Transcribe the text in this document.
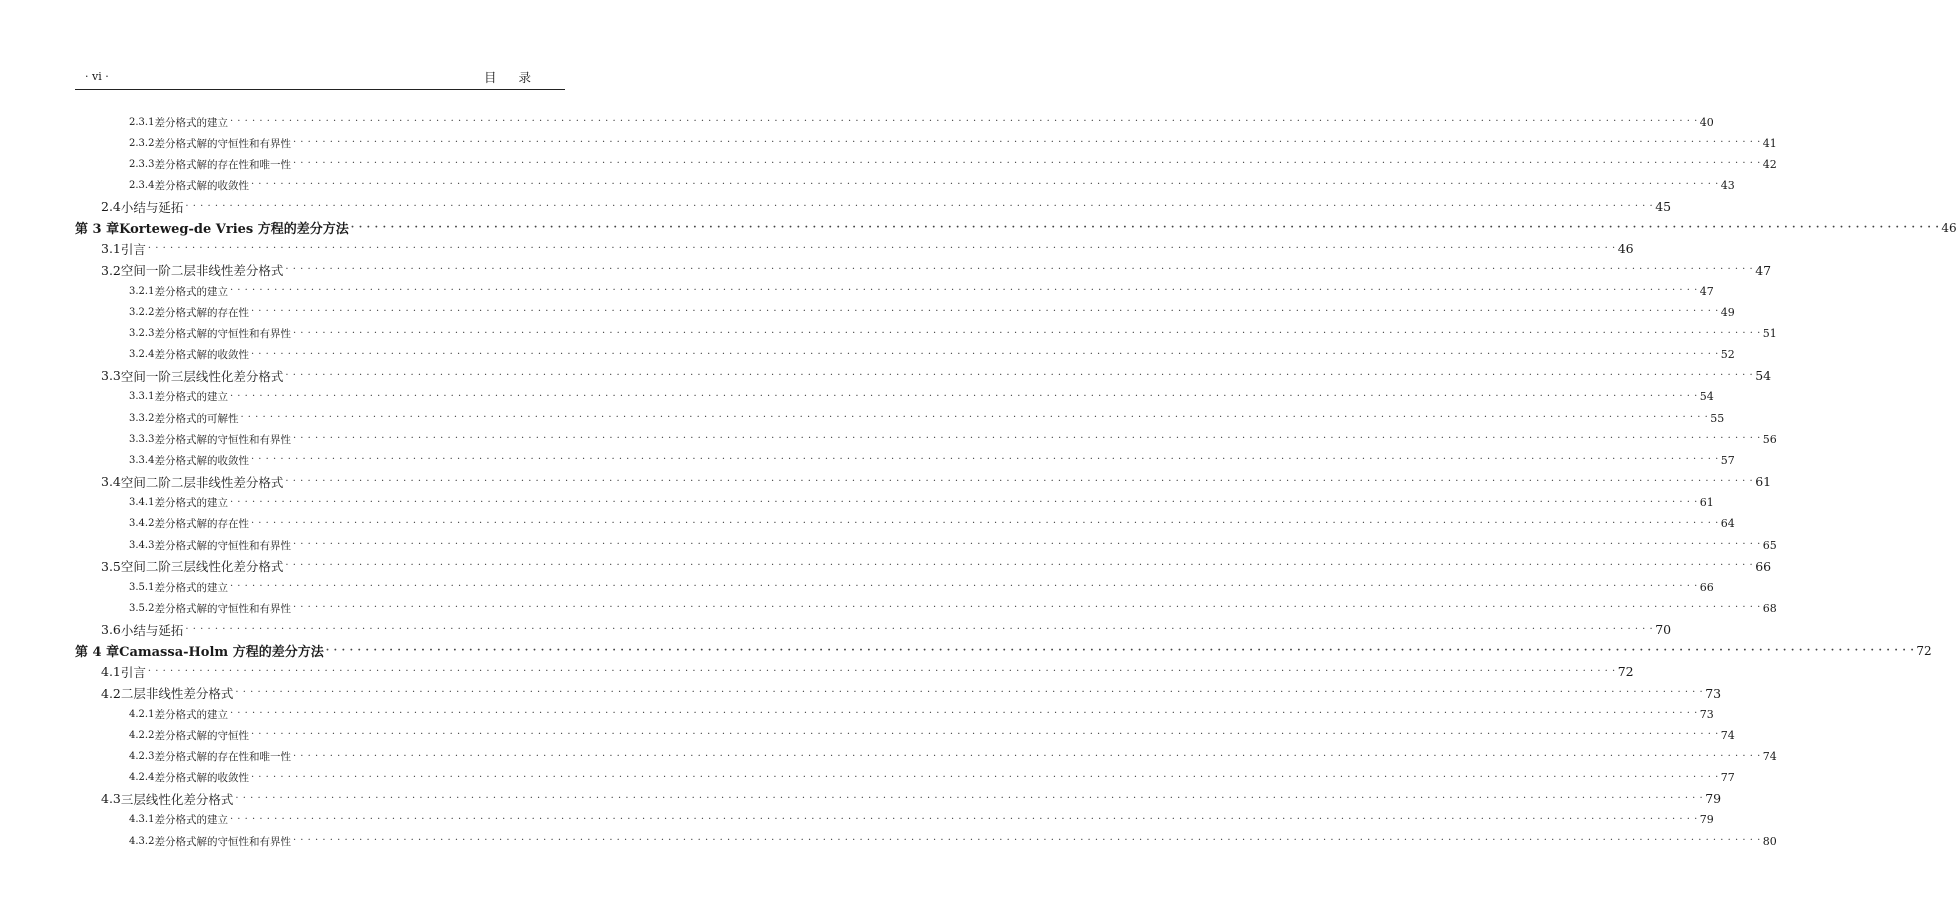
· vi ·	目录
2.3.1 差分格式的建立 · · · · · · · · · · · · · · · · · · · · · · · · · · · · · · · · · · · · · · · · · · · · · · · · · · · · · · · · · · · · · · · · · · · · · · · · · · · · · · · · · · · · · · · · · · · · · · · · · · · · · · · · · · · · · · · · · · · · · · · · · · · · · · · · · · · · · · · · · · · · · · · · · · · · · · · · · · · · · · · · · · · · · · · · · · · · · · · · · · · · · · · · · · · · · · · · · · · · · · · · 40
2.3.2 差分格式解的守恒性和有界性 · · · · · · · · · · · · · · · · · · · · · · · · · · · · · · · · · · · · · · · · · · · · · · · · · · · · · · · · · · · · · · · · · · · · · · · · · · · · · · · · · · · · · · · · · · · · · · · · · · · · · · · · · · · · · · · · · · · · · · · · · · · · · · · · · · · · · · · · · · · · · · · · · · · · · · · · · · · · · · · · · · · · · · · · · · · · · · · · · · · · · · · · · · · · · · · · · · · · · · · · 41
2.3.3 差分格式解的存在性和唯一性 · · · · · · · · · · · · · · · · · · · · · · · · · · · · · · · · · · · · · · · · · · · · · · · · · · · · · · · · · · · · · · · · · · · · · · · · · · · · · · · · · · · · · · · · · · · · · · · · · · · · · · · · · · · · · · · · · · · · · · · · · · · · · · · · · · · · · · · · · · · · · · · · · · · · · · · · · · · · · · · · · · · · · · · · · · · · · · · · · · · · · · · · · · · · · · · · · · · · · · · · 42
2.3.4 差分格式解的收敛性 · · · · · · · · · · · · · · · · · · · · · · · · · · · · · · · · · · · · · · · · · · · · · · · · · · · · · · · · · · · · · · · · · · · · · · · · · · · · · · · · · · · · · · · · · · · · · · · · · · · · · · · · · · · · · · · · · · · · · · · · · · · · · · · · · · · · · · · · · · · · · · · · · · · · · · · · · · · · · · · · · · · · · · · · · · · · · · · · · · · · · · · · · · · · · · · · · · · · · · · · 43
2.4 小结与延拓 · · · · · · · · · · · · · · · · · · · · · · · · · · · · · · · · · · · · · · · · · · · · · · · · · · · · · · · · · · · · · · · · · · · · · · · · · · · · · · · · · · · · · · · · · · · · · · · · · · · · · · · · · · · · · · · · · · · · · · · · · · · · · · · · · · · · · · · · · · · · · · · · · · · · · · · · · · · · · · · · · · · · · · · · · · · · · · · · · · · · · · · · · · · · · · · · · · · · · · · · 45
第 3 章 Korteweg-de Vries 方程的差分方法 · · · · · · · · · · · · · · · · · · · · · · · · · · · · · · · · · · · · · · · · · · · · · · · · · · · · · · · · · · · · · · · · · · · · · · · · · · · · · · · · · · · · · · · · · · · · · · · · · · · · · · · · · · · · · · · · · · · · · · · · · · · · · · · · · · · · · · · · · · · · · · · · · · · · · · · · · · · · · · · · · · · · · · · · · · · · · · · · · · · · · · · · · · · · · · · · · · · · · · · · 46
3.1 引言 · · · · · · · · · · · · · · · · · · · · · · · · · · · · · · · · · · · · · · · · · · · · · · · · · · · · · · · · · · · · · · · · · · · · · · · · · · · · · · · · · · · · · · · · · · · · · · · · · · · · · · · · · · · · · · · · · · · · · · · · · · · · · · · · · · · · · · · · · · · · · · · · · · · · · · · · · · · · · · · · · · · · · · · · · · · · · · · · · · · · · · · · · · · · · · · · · · · · · · · · 46
3.2 空间一阶二层非线性差分格式 · · · · · · · · · · · · · · · · · · · · · · · · · · · · · · · · · · · · · · · · · · · · · · · · · · · · · · · · · · · · · · · · · · · · · · · · · · · · · · · · · · · · · · · · · · · · · · · · · · · · · · · · · · · · · · · · · · · · · · · · · · · · · · · · · · · · · · · · · · · · · · · · · · · · · · · · · · · · · · · · · · · · · · · · · · · · · · · · · · · · · · · · · · · · · · · · · · · · · · · · 47
3.2.1 差分格式的建立 · · · · · · · · · · · · · · · · · · · · · · · · · · · · · · · · · · · · · · · · · · · · · · · · · · · · · · · · · · · · · · · · · · · · · · · · · · · · · · · · · · · · · · · · · · · · · · · · · · · · · · · · · · · · · · · · · · · · · · · · · · · · · · · · · · · · · · · · · · · · · · · · · · · · · · · · · · · · · · · · · · · · · · · · · · · · · · · · · · · · · · · · · · · · · · · · · · · · · · · · 47
3.2.2 差分格式解的存在性 · · · · · · · · · · · · · · · · · · · · · · · · · · · · · · · · · · · · · · · · · · · · · · · · · · · · · · · · · · · · · · · · · · · · · · · · · · · · · · · · · · · · · · · · · · · · · · · · · · · · · · · · · · · · · · · · · · · · · · · · · · · · · · · · · · · · · · · · · · · · · · · · · · · · · · · · · · · · · · · · · · · · · · · · · · · · · · · · · · · · · · · · · · · · · · · · · · · · · · · · 49
3.2.3 差分格式解的守恒性和有界性 · · · · · · · · · · · · · · · · · · · · · · · · · · · · · · · · · · · · · · · · · · · · · · · · · · · · · · · · · · · · · · · · · · · · · · · · · · · · · · · · · · · · · · · · · · · · · · · · · · · · · · · · · · · · · · · · · · · · · · · · · · · · · · · · · · · · · · · · · · · · · · · · · · · · · · · · · · · · · · · · · · · · · · · · · · · · · · · · · · · · · · · · · · · · · · · · · · · · · · · · 51
3.2.4 差分格式解的收敛性 · · · · · · · · · · · · · · · · · · · · · · · · · · · · · · · · · · · · · · · · · · · · · · · · · · · · · · · · · · · · · · · · · · · · · · · · · · · · · · · · · · · · · · · · · · · · · · · · · · · · · · · · · · · · · · · · · · · · · · · · · · · · · · · · · · · · · · · · · · · · · · · · · · · · · · · · · · · · · · · · · · · · · · · · · · · · · · · · · · · · · · · · · · · · · · · · · · · · · · · · 52
3.3 空间一阶三层线性化差分格式 · · · · · · · · · · · · · · · · · · · · · · · · · · · · · · · · · · · · · · · · · · · · · · · · · · · · · · · · · · · · · · · · · · · · · · · · · · · · · · · · · · · · · · · · · · · · · · · · · · · · · · · · · · · · · · · · · · · · · · · · · · · · · · · · · · · · · · · · · · · · · · · · · · · · · · · · · · · · · · · · · · · · · · · · · · · · · · · · · · · · · · · · · · · · · · · · · · · · · · · · 54
3.3.1 差分格式的建立 · · · · · · · · · · · · · · · · · · · · · · · · · · · · · · · · · · · · · · · · · · · · · · · · · · · · · · · · · · · · · · · · · · · · · · · · · · · · · · · · · · · · · · · · · · · · · · · · · · · · · · · · · · · · · · · · · · · · · · · · · · · · · · · · · · · · · · · · · · · · · · · · · · · · · · · · · · · · · · · · · · · · · · · · · · · · · · · · · · · · · · · · · · · · · · · · · · · · · · · · 54
3.3.2 差分格式的可解性 · · · · · · · · · · · · · · · · · · · · · · · · · · · · · · · · · · · · · · · · · · · · · · · · · · · · · · · · · · · · · · · · · · · · · · · · · · · · · · · · · · · · · · · · · · · · · · · · · · · · · · · · · · · · · · · · · · · · · · · · · · · · · · · · · · · · · · · · · · · · · · · · · · · · · · · · · · · · · · · · · · · · · · · · · · · · · · · · · · · · · · · · · · · · · · · · · · · · · · · · 55
3.3.3 差分格式解的守恒性和有界性 · · · · · · · · · · · · · · · · · · · · · · · · · · · · · · · · · · · · · · · · · · · · · · · · · · · · · · · · · · · · · · · · · · · · · · · · · · · · · · · · · · · · · · · · · · · · · · · · · · · · · · · · · · · · · · · · · · · · · · · · · · · · · · · · · · · · · · · · · · · · · · · · · · · · · · · · · · · · · · · · · · · · · · · · · · · · · · · · · · · · · · · · · · · · · · · · · · · · · · · · 56
3.3.4 差分格式解的收敛性 · · · · · · · · · · · · · · · · · · · · · · · · · · · · · · · · · · · · · · · · · · · · · · · · · · · · · · · · · · · · · · · · · · · · · · · · · · · · · · · · · · · · · · · · · · · · · · · · · · · · · · · · · · · · · · · · · · · · · · · · · · · · · · · · · · · · · · · · · · · · · · · · · · · · · · · · · · · · · · · · · · · · · · · · · · · · · · · · · · · · · · · · · · · · · · · · · · · · · · · · 57
3.4 空间二阶二层非线性差分格式 · · · · · · · · · · · · · · · · · · · · · · · · · · · · · · · · · · · · · · · · · · · · · · · · · · · · · · · · · · · · · · · · · · · · · · · · · · · · · · · · · · · · · · · · · · · · · · · · · · · · · · · · · · · · · · · · · · · · · · · · · · · · · · · · · · · · · · · · · · · · · · · · · · · · · · · · · · · · · · · · · · · · · · · · · · · · · · · · · · · · · · · · · · · · · · · · · · · · · · · · 61
3.4.1 差分格式的建立 · · · · · · · · · · · · · · · · · · · · · · · · · · · · · · · · · · · · · · · · · · · · · · · · · · · · · · · · · · · · · · · · · · · · · · · · · · · · · · · · · · · · · · · · · · · · · · · · · · · · · · · · · · · · · · · · · · · · · · · · · · · · · · · · · · · · · · · · · · · · · · · · · · · · · · · · · · · · · · · · · · · · · · · · · · · · · · · · · · · · · · · · · · · · · · · · · · · · · · · · 61
3.4.2 差分格式解的存在性 · · · · · · · · · · · · · · · · · · · · · · · · · · · · · · · · · · · · · · · · · · · · · · · · · · · · · · · · · · · · · · · · · · · · · · · · · · · · · · · · · · · · · · · · · · · · · · · · · · · · · · · · · · · · · · · · · · · · · · · · · · · · · · · · · · · · · · · · · · · · · · · · · · · · · · · · · · · · · · · · · · · · · · · · · · · · · · · · · · · · · · · · · · · · · · · · · · · · · · · · 64
3.4.3 差分格式解的守恒性和有界性 · · · · · · · · · · · · · · · · · · · · · · · · · · · · · · · · · · · · · · · · · · · · · · · · · · · · · · · · · · · · · · · · · · · · · · · · · · · · · · · · · · · · · · · · · · · · · · · · · · · · · · · · · · · · · · · · · · · · · · · · · · · · · · · · · · · · · · · · · · · · · · · · · · · · · · · · · · · · · · · · · · · · · · · · · · · · · · · · · · · · · · · · · · · · · · · · · · · · · · · · 65
3.5 空间二阶三层线性化差分格式 · · · · · · · · · · · · · · · · · · · · · · · · · · · · · · · · · · · · · · · · · · · · · · · · · · · · · · · · · · · · · · · · · · · · · · · · · · · · · · · · · · · · · · · · · · · · · · · · · · · · · · · · · · · · · · · · · · · · · · · · · · · · · · · · · · · · · · · · · · · · · · · · · · · · · · · · · · · · · · · · · · · · · · · · · · · · · · · · · · · · · · · · · · · · · · · · · · · · · · · · 66
3.5.1 差分格式的建立 · · · · · · · · · · · · · · · · · · · · · · · · · · · · · · · · · · · · · · · · · · · · · · · · · · · · · · · · · · · · · · · · · · · · · · · · · · · · · · · · · · · · · · · · · · · · · · · · · · · · · · · · · · · · · · · · · · · · · · · · · · · · · · · · · · · · · · · · · · · · · · · · · · · · · · · · · · · · · · · · · · · · · · · · · · · · · · · · · · · · · · · · · · · · · · · · · · · · · · · · 66
3.5.2 差分格式解的守恒性和有界性 · · · · · · · · · · · · · · · · · · · · · · · · · · · · · · · · · · · · · · · · · · · · · · · · · · · · · · · · · · · · · · · · · · · · · · · · · · · · · · · · · · · · · · · · · · · · · · · · · · · · · · · · · · · · · · · · · · · · · · · · · · · · · · · · · · · · · · · · · · · · · · · · · · · · · · · · · · · · · · · · · · · · · · · · · · · · · · · · · · · · · · · · · · · · · · · · · · · · · · · · 68
3.6 小结与延拓 · · · · · · · · · · · · · · · · · · · · · · · · · · · · · · · · · · · · · · · · · · · · · · · · · · · · · · · · · · · · · · · · · · · · · · · · · · · · · · · · · · · · · · · · · · · · · · · · · · · · · · · · · · · · · · · · · · · · · · · · · · · · · · · · · · · · · · · · · · · · · · · · · · · · · · · · · · · · · · · · · · · · · · · · · · · · · · · · · · · · · · · · · · · · · · · · · · · · · · · · 70
第 4 章 Camassa-Holm 方程的差分方法 · · · · · · · · · · · · · · · · · · · · · · · · · · · · · · · · · · · · · · · · · · · · · · · · · · · · · · · · · · · · · · · · · · · · · · · · · · · · · · · · · · · · · · · · · · · · · · · · · · · · · · · · · · · · · · · · · · · · · · · · · · · · · · · · · · · · · · · · · · · · · · · · · · · · · · · · · · · · · · · · · · · · · · · · · · · · · · · · · · · · · · · · · · · · · · · · · · · · · · · · 72
4.1 引言 · · · · · · · · · · · · · · · · · · · · · · · · · · · · · · · · · · · · · · · · · · · · · · · · · · · · · · · · · · · · · · · · · · · · · · · · · · · · · · · · · · · · · · · · · · · · · · · · · · · · · · · · · · · · · · · · · · · · · · · · · · · · · · · · · · · · · · · · · · · · · · · · · · · · · · · · · · · · · · · · · · · · · · · · · · · · · · · · · · · · · · · · · · · · · · · · · · · · · · · · 72
4.2 二层非线性差分格式 · · · · · · · · · · · · · · · · · · · · · · · · · · · · · · · · · · · · · · · · · · · · · · · · · · · · · · · · · · · · · · · · · · · · · · · · · · · · · · · · · · · · · · · · · · · · · · · · · · · · · · · · · · · · · · · · · · · · · · · · · · · · · · · · · · · · · · · · · · · · · · · · · · · · · · · · · · · · · · · · · · · · · · · · · · · · · · · · · · · · · · · · · · · · · · · · · · · · · · · · 73
4.2.1 差分格式的建立 · · · · · · · · · · · · · · · · · · · · · · · · · · · · · · · · · · · · · · · · · · · · · · · · · · · · · · · · · · · · · · · · · · · · · · · · · · · · · · · · · · · · · · · · · · · · · · · · · · · · · · · · · · · · · · · · · · · · · · · · · · · · · · · · · · · · · · · · · · · · · · · · · · · · · · · · · · · · · · · · · · · · · · · · · · · · · · · · · · · · · · · · · · · · · · · · · · · · · · · · 73
4.2.2 差分格式解的守恒性 · · · · · · · · · · · · · · · · · · · · · · · · · · · · · · · · · · · · · · · · · · · · · · · · · · · · · · · · · · · · · · · · · · · · · · · · · · · · · · · · · · · · · · · · · · · · · · · · · · · · · · · · · · · · · · · · · · · · · · · · · · · · · · · · · · · · · · · · · · · · · · · · · · · · · · · · · · · · · · · · · · · · · · · · · · · · · · · · · · · · · · · · · · · · · · · · · · · · · · · · 74
4.2.3 差分格式解的存在性和唯一性 · · · · · · · · · · · · · · · · · · · · · · · · · · · · · · · · · · · · · · · · · · · · · · · · · · · · · · · · · · · · · · · · · · · · · · · · · · · · · · · · · · · · · · · · · · · · · · · · · · · · · · · · · · · · · · · · · · · · · · · · · · · · · · · · · · · · · · · · · · · · · · · · · · · · · · · · · · · · · · · · · · · · · · · · · · · · · · · · · · · · · · · · · · · · · · · · · · · · · · · · 74
4.2.4 差分格式解的收敛性 · · · · · · · · · · · · · · · · · · · · · · · · · · · · · · · · · · · · · · · · · · · · · · · · · · · · · · · · · · · · · · · · · · · · · · · · · · · · · · · · · · · · · · · · · · · · · · · · · · · · · · · · · · · · · · · · · · · · · · · · · · · · · · · · · · · · · · · · · · · · · · · · · · · · · · · · · · · · · · · · · · · · · · · · · · · · · · · · · · · · · · · · · · · · · · · · · · · · · · · · 77
4.3 三层线性化差分格式 · · · · · · · · · · · · · · · · · · · · · · · · · · · · · · · · · · · · · · · · · · · · · · · · · · · · · · · · · · · · · · · · · · · · · · · · · · · · · · · · · · · · · · · · · · · · · · · · · · · · · · · · · · · · · · · · · · · · · · · · · · · · · · · · · · · · · · · · · · · · · · · · · · · · · · · · · · · · · · · · · · · · · · · · · · · · · · · · · · · · · · · · · · · · · · · · · · · · · · · · 79
4.3.1 差分格式的建立 · · · · · · · · · · · · · · · · · · · · · · · · · · · · · · · · · · · · · · · · · · · · · · · · · · · · · · · · · · · · · · · · · · · · · · · · · · · · · · · · · · · · · · · · · · · · · · · · · · · · · · · · · · · · · · · · · · · · · · · · · · · · · · · · · · · · · · · · · · · · · · · · · · · · · · · · · · · · · · · · · · · · · · · · · · · · · · · · · · · · · · · · · · · · · · · · · · · · · · · · 79
4.3.2 差分格式解的守恒性和有界性 · · · · · · · · · · · · · · · · · · · · · · · · · · · · · · · · · · · · · · · · · · · · · · · · · · · · · · · · · · · · · · · · · · · · · · · · · · · · · · · · · · · · · · · · · · · · · · · · · · · · · · · · · · · · · · · · · · · · · · · · · · · · · · · · · · · · · · · · · · · · · · · · · · · · · · · · · · · · · · · · · · · · · · · · · · · · · · · · · · · · · · · · · · · · · · · · · · · · · · · · 80
